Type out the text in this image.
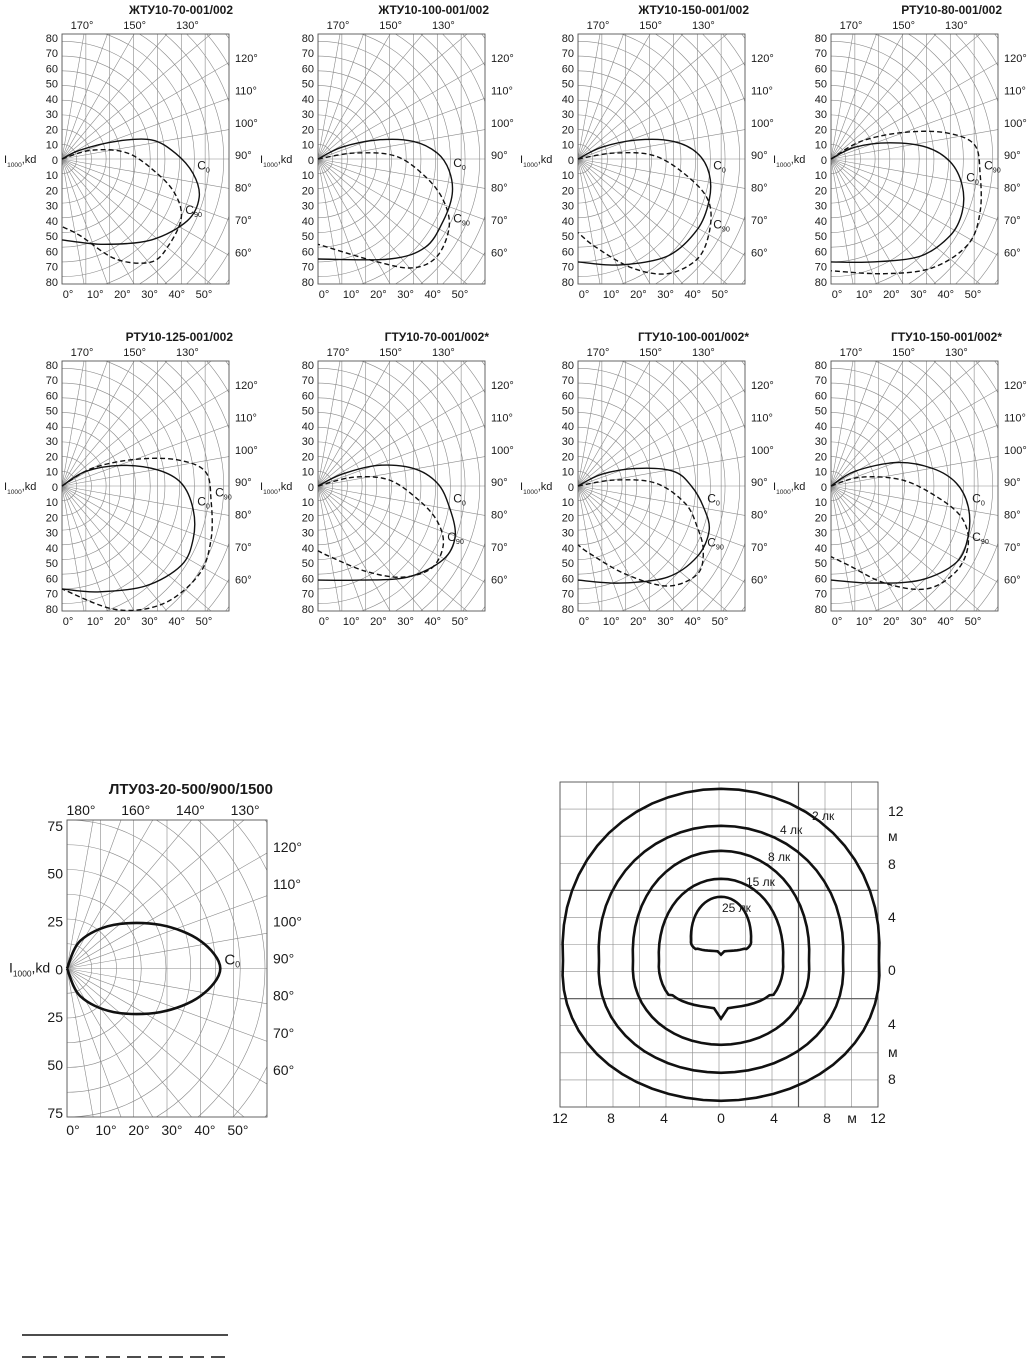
ЖТУ10-70-001/002
170°	150°	130°
120°
110°
100°
90°
80°
70°
60°
0° 10° 20° 30° 40° 50°
80
70
60
50
40
30
20
10
0
10
20
30
40
50
60
70
80
$I_{1000},kd$	$C_0$
$C_{90}$
ЖТУ10-100-001/002
170°	150°	130°
120°
110°
100°
90°
80°
70°
60°
0° 10° 20° 30° 40° 50°
80
70
60
50
40
30
20
10
0
10
20
30
40
50
60
70
80
$I_{1000},kd$	$C_0$
$C_{90}$
ЖТУ10-150-001/002
170°	150°	130°
120°
110°
100°
90°
80°
70°
60°
0° 10° 20° 30° 40° 50°
80
70
60
50
40
30
20
10
0
10
20
30
40
50
60
70
80
$I_{1000},kd$	$C_0$
$C_{90}$
РТУ10-80-001/002
170°	150°	130°
120°
110°
100°
90°
80°
70°
60°
0° 10° 20° 30° 40° 50°
80
70
60
50
40
30
20
10
0
10
20
30
40
50
60
70
80
$I_{1000},kd$
$C_0$
$C_{90}$
РТУ10-125-001/002
170°	150°	130°
120°
110°
100°
90°
80°
70°
60°
0° 10° 20° 30° 40° 50°
80
70
60
50
40
30
20
10
0
10
20
30
40
50
60
70
80
$I_{1000},kd$
$C_0$
$C_{90}$
ГТУ10-70-001/002*
170°	150°	130°
120°
110°
100°
90°
80°
70°
60°
0° 10° 20° 30° 40° 50°
80
70
60
50
40
30
20
10
0
10
20
30
40
50
60
70
80
$I_{1000},kd$
$C_0$
$C_{90}$
ГТУ10-100-001/002*
170°	150°	130°
120°
110°
100°
90°
80°
70°
60°
0° 10° 20° 30° 40° 50°
80
70
60
50
40
30
20
10
0
10
20
30
40
50
60
70
80
$I_{1000},kd$
$C_0$
$C_{90}$
ГТУ10-150-001/002*
170°	150°	130°
120°
110°
100°
90°
80°
70°
60°
0° 10° 20° 30° 40° 50°
80
70
60
50
40
30
20
10
0
10
20
30
40
50
60
70
80
$I_{1000},kd$
$C_0$
$C_{90}$
ЛТУ03-20-500/900/1500
180° 160° 140° 130°
120°
110°
100°
90°
80°
70°
60°
0° 10° 20° 30° 40° 50°
75
50
25
0
25
50
75
$I_{1000},kd$	$C_0$
12	8	4	0	4	8 м 12
12
м
8
4
0
4
м
8
2 лк
4 лк
8 лк
15 лк
25 лк
